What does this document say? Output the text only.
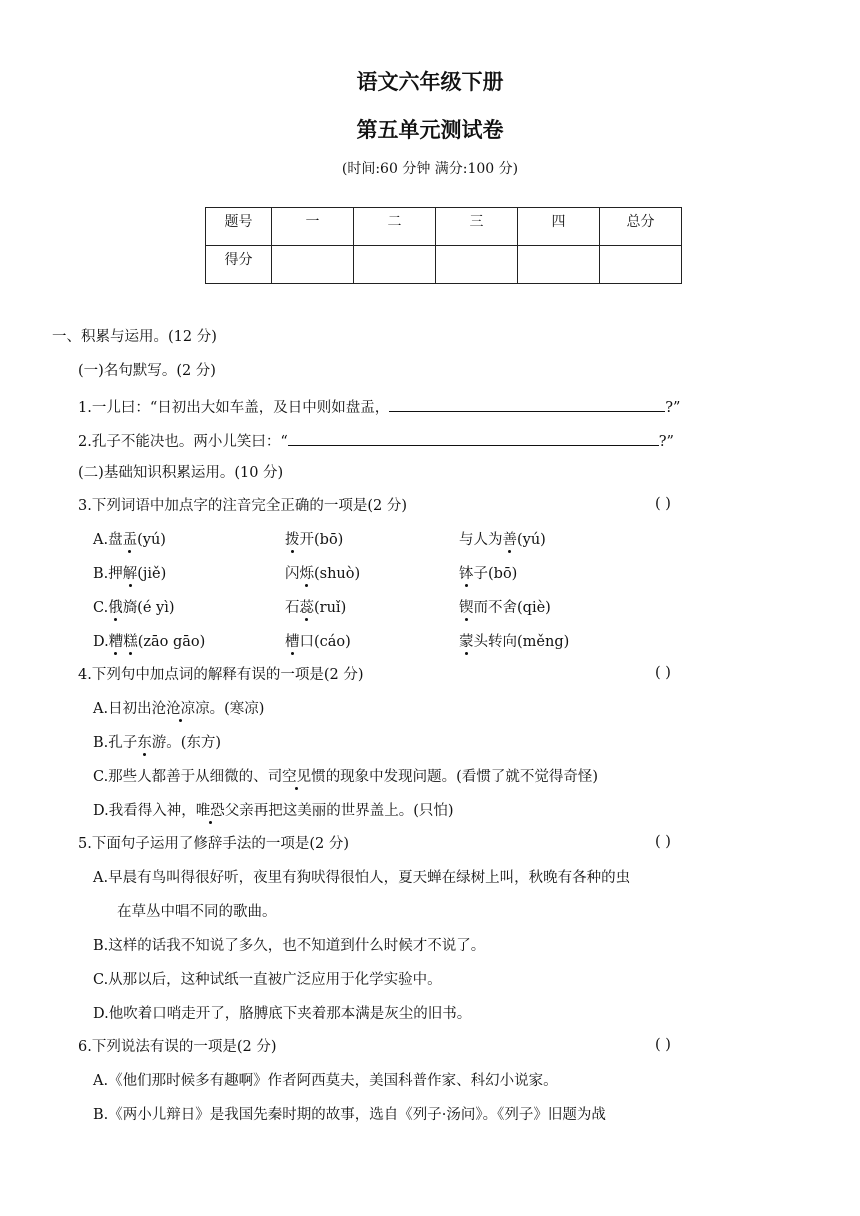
语文六年级下册
第五单元测试卷
(时间:60 分钟 满分:100 分)
题号	一	二	三	四	总分
得分					
一、积累与运用。(12 分)
(一)名句默写。(2 分)
1.一儿曰：“日初出大如车盖，及日中则如盘盂，	?”
2.孔子不能决也。两小儿笑曰：“	?”
(二)基础知识积累运用。(10 分)
3.下列词语中加点字的注音完全正确的一项是(2 分)	( )
A.盘盂(yú)	拨开(bō)	与人为善(yú)
B.押解(jiě)	闪烁(shuò)	钵子(bō)
C.俄旖(é yì)	石蕊(ruǐ)	锲而不舍(qiè)
D.糟糕(zāo gāo)	槽口(cáo)	蒙头转向(měng)
4.下列句中加点词的解释有误的一项是(2 分)	( )
A.日初出沧沧凉凉。(寒凉)
B.孔子东游。(东方)
C.那些人都善于从细微的、司空见惯的现象中发现问题。(看惯了就不觉得奇怪)
D.我看得入神，唯恐父亲再把这美丽的世界盖上。(只怕)
5.下面句子运用了修辞手法的一项是(2 分)	( )
A.早晨有鸟叫得很好听，夜里有狗吠得很怕人，夏天蝉在绿树上叫，秋晚有各种的虫
在草丛中唱不同的歌曲。
B.这样的话我不知说了多久，也不知道到什么时候才不说了。
C.从那以后，这种试纸一直被广泛应用于化学实验中。
D.他吹着口哨走开了，胳膊底下夹着那本满是灰尘的旧书。
6.下列说法有误的一项是(2 分)	( )
A.《他们那时候多有趣啊》作者阿西莫夫，美国科普作家、科幻小说家。
B.《两小儿辩日》是我国先秦时期的故事，选自《列子·汤问》。《列子》旧题为战
